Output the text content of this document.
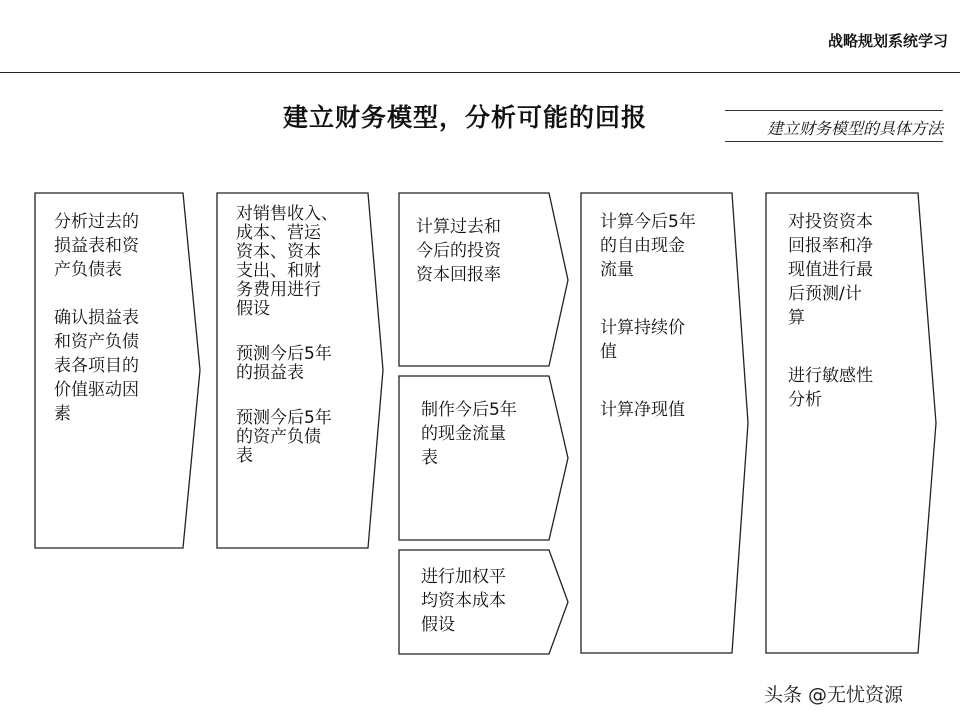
战略规划系统学习
建立财务模型，分析可能的回报	建立财务模型的具体方法

分析过去的
损益表和资
产负债表

确认损益表
和资产负债
表各项目的
价值驱动因
素

对销售收入、
成本、营运
资本、资本
支出、和财
务费用进行
假设

预测今后5年
的损益表

预测今后5年
的资产负债
表

计算过去和
今后的投资
资本回报率
制作今后5年
的现金流量
表
进行加权平
均资本成本
假设

计算今后5年
的自由现金
流量

计算持续价
值

计算净现值

对投资资本
回报率和净
现值进行最
后预测/计
算

进行敏感性
分析

头条 @无忧资源
